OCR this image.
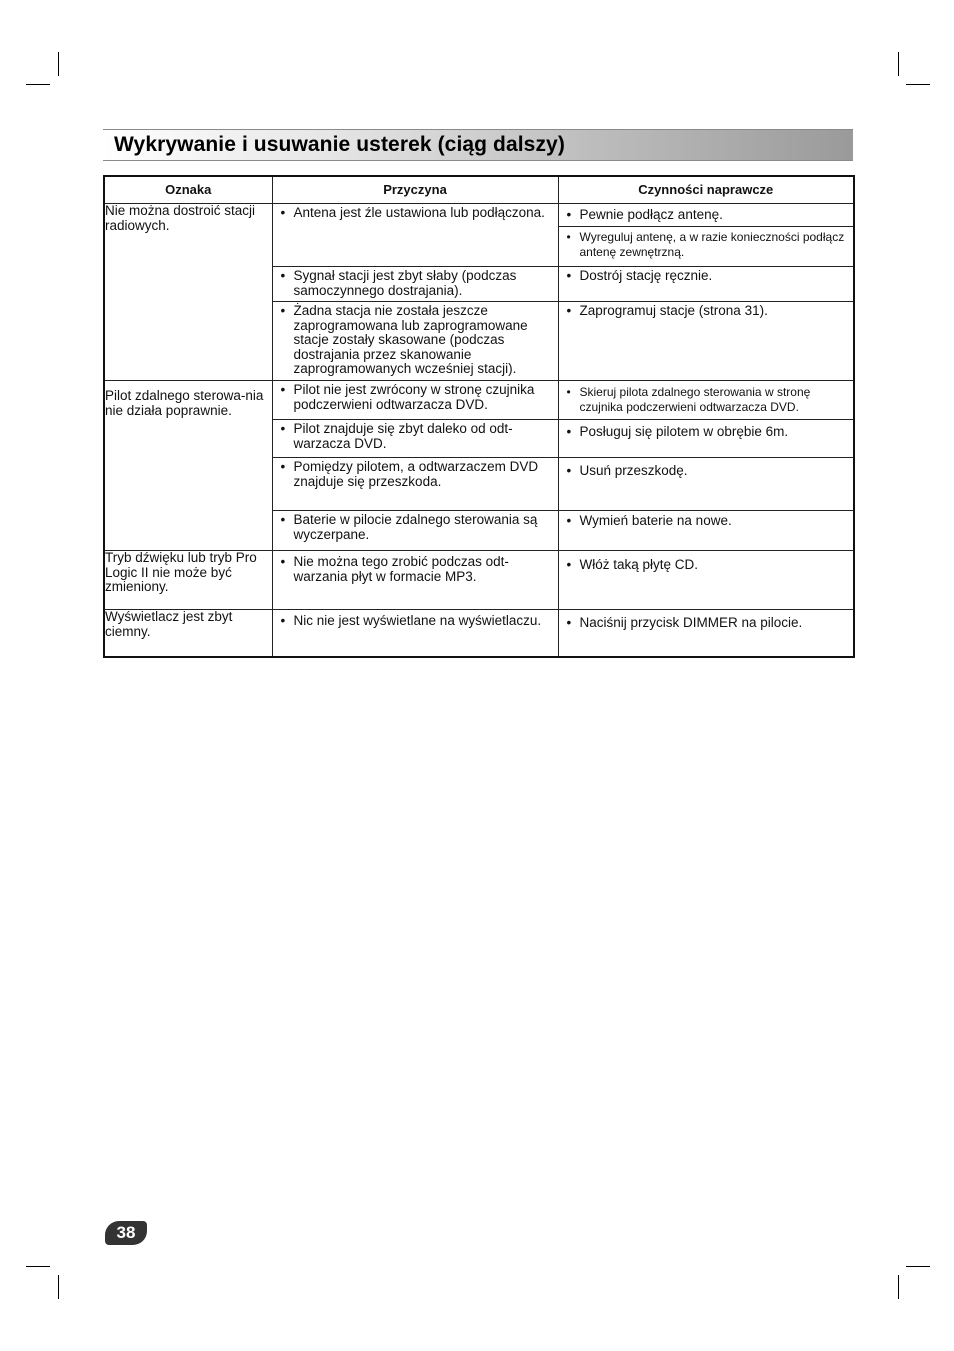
Wykrywanie i usuwanie usterek (ciąg dalszy)
Oznaka	Przyczyna	Czynności naprawcze
Nie można dostroić stacji radiowych.	• Antena jest źle ustawiona lub podłączona.	• Pewnie podłącz antenę.

		• Wyreguluj antenę, a w razie konieczności podłącz antenę zewnętrzną.

	• Sygnał stacji jest zbyt słaby (podczas samoczynnego dostrajania).	• Dostrój stację ręcznie.

	• Żadna stacja nie została jeszcze zaprogramowana lub zaprogramowane stacje zostały skasowane (podczas dostrajania przez skanowanie zaprogramowanych wcześniej stacji).	• Zaprogramuj stacje (strona 31).

Pilot zdalnego sterowa-nia nie działa poprawnie.	• Pilot nie jest zwrócony w stronę czujnika podczerwieni odtwarzacza DVD.	• Skieruj pilota zdalnego sterowania w stronę czujnika podczerwieni odtwarzacza DVD.

	• Pilot znajduje się zbyt daleko od odt-warzacza DVD.	• Posługuj się pilotem w obrębie 6m.

	• Pomiędzy pilotem, a odtwarzaczem DVD znajduje się przeszkoda.	• Usuń przeszkodę.

	• Baterie w pilocie zdalnego sterowania są wyczerpane.	• Wymień baterie na nowe.

Tryb dźwięku lub tryb Pro Logic II nie może być zmieniony.	• Nie można tego zrobić podczas odt-warzania płyt w formacie MP3.	• Włóż taką płytę CD.

Wyświetlacz jest zbyt ciemny.	• Nic nie jest wyświetlane na wyświetlaczu.	• Naciśnij przycisk DIMMER na pilocie.
38
